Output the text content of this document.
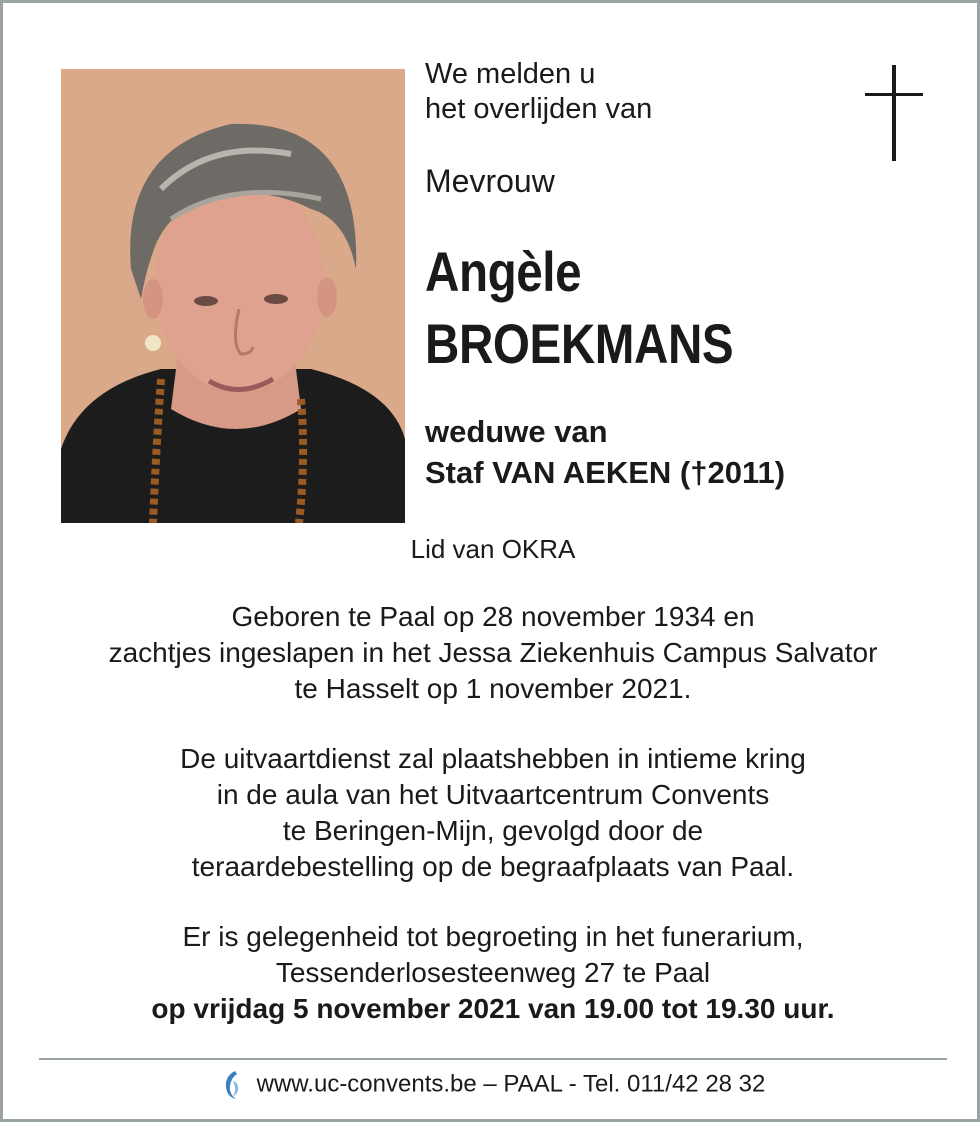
We melden u
het overlijden van
Mevrouw
Angèle
BROEKMANS
weduwe van
Staf VAN AEKEN (†2011)
Lid van OKRA
Geboren te Paal op 28 november 1934 en
zachtjes ingeslapen in het Jessa Ziekenhuis Campus Salvator
te Hasselt op 1 november 2021.
De uitvaartdienst zal plaatshebben in intieme kring
in de aula van het Uitvaartcentrum Convents
te Beringen-Mijn, gevolgd door de
teraardebestelling op de begraafplaats van Paal.
Er is gelegenheid tot begroeting in het funerarium,
Tessenderlosesteenweg 27 te Paal
op vrijdag 5 november 2021 van 19.00 tot 19.30 uur.
www.uc-convents.be – PAAL - Tel. 011/42 28 32
